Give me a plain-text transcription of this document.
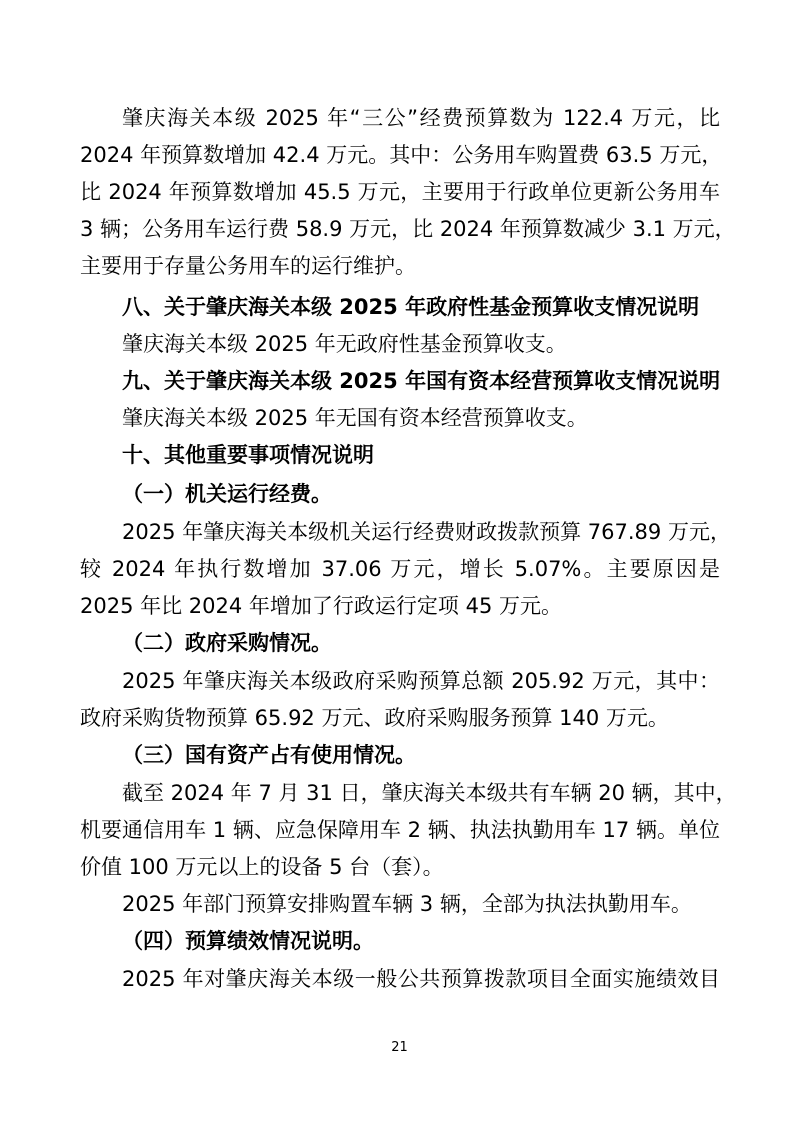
肇庆海关本级 2025 年“三公”经费预算数为 122.4 万元，比
2024 年预算数增加 42.4 万元。其中：公务用车购置费 63.5 万元，
比 2024 年预算数增加 45.5 万元，主要用于行政单位更新公务用车
3 辆；公务用车运行费 58.9 万元，比 2024 年预算数减少 3.1 万元，
主要用于存量公务用车的运行维护。
八、关于肇庆海关本级 2025 年政府性基金预算收支情况说明
肇庆海关本级 2025 年无政府性基金预算收支。
九、关于肇庆海关本级 2025 年国有资本经营预算收支情况说明
肇庆海关本级 2025 年无国有资本经营预算收支。
十、其他重要事项情况说明
（一）机关运行经费。
2025 年肇庆海关本级机关运行经费财政拨款预算 767.89 万元，
较 2024 年执行数增加 37.06 万元，增长 5.07%。主要原因是
2025 年比 2024 年增加了行政运行定项 45 万元。
（二）政府采购情况。
2025 年肇庆海关本级政府采购预算总额 205.92 万元，其中：
政府采购货物预算 65.92 万元、政府采购服务预算 140 万元。
（三）国有资产占有使用情况。
截至 2024 年 7 月 31 日，肇庆海关本级共有车辆 20 辆，其中，
机要通信用车 1 辆、应急保障用车 2 辆、执法执勤用车 17 辆。单位
价值 100 万元以上的设备 5 台（套）。
2025 年部门预算安排购置车辆 3 辆，全部为执法执勤用车。
（四）预算绩效情况说明。
2025 年对肇庆海关本级一般公共预算拨款项目全面实施绩效目
21
